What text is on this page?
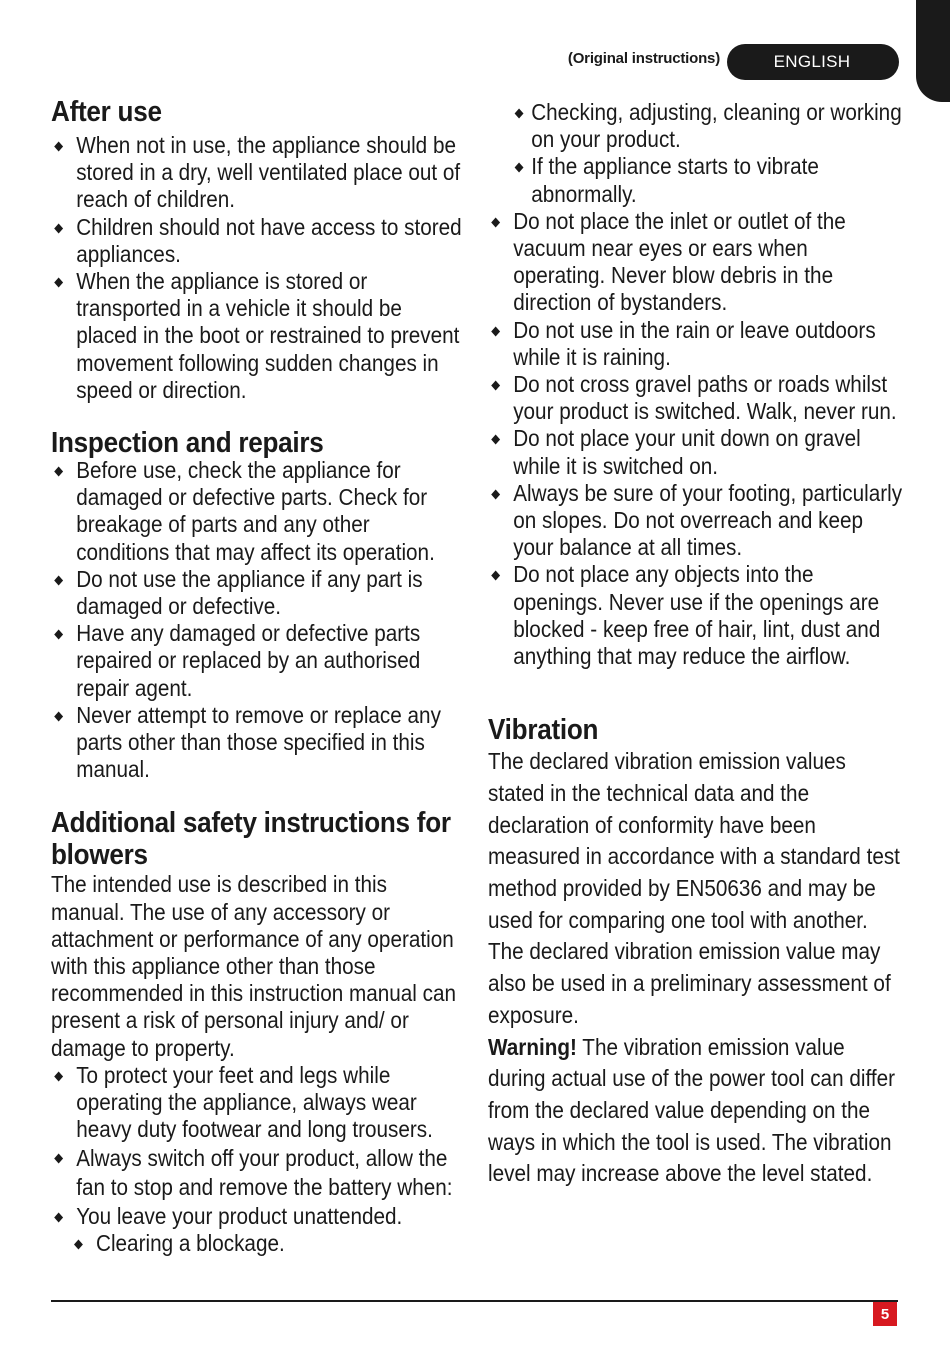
(Original instructions)	ENGLISH
After use
When not in use, the appliance should be stored in a dry, well ventilated place out of reach of children.
Children should not have access to stored appliances.
When the appliance is stored or transported in a vehicle it should be placed in the boot or restrained to prevent movement following sudden changes in speed or direction.
Inspection and repairs
Before use, check the appliance for damaged or defective parts. Check for breakage of parts and any other conditions that may affect its operation.
Do not use the appliance if any part is damaged or defective.
Have any damaged or defective parts repaired or replaced by an authorised repair agent.
Never attempt to remove or replace any parts other than those specified in this manual.
Additional safety instructions for blowers

The intended use is described in this manual. The use of any accessory or attachment or performance of any operation with this appliance other than those recommended in this instruction manual can present a risk of personal injury and/ or damage to property.

To protect your feet and legs while operating the appliance, always wear heavy duty footwear and long trousers.
Always switch off your product, allow the fan to stop and remove the battery when:
You leave your product unattended.
Clearing a blockage.
Checking, adjusting, cleaning or working on your product.
If the appliance starts to vibrate abnormally.
Do not place the inlet or outlet of the vacuum near eyes or ears when operating. Never blow debris in the direction of bystanders.
Do not use in the rain or leave outdoors while it is raining.
Do not cross gravel paths or roads whilst your product is switched. Walk, never run.
Do not place your unit down on gravel while it is switched on.
Always be sure of your footing, particularly on slopes. Do not overreach and keep your balance at all times.
Do not place any objects into the openings. Never use if the openings are blocked - keep free of hair, lint, dust and anything that may reduce the airflow.
Vibration

The declared vibration emission values stated in the technical data and the declaration of conformity have been measured in accordance with a standard test method provided by EN50636 and may be used for comparing one tool with another. The declared vibration emission value may also be used in a preliminary assessment of exposure.

Warning! The vibration emission value during actual use of the power tool can differ from the declared value depending on the ways in which the tool is used. The vibration level may increase above the level stated.

5
